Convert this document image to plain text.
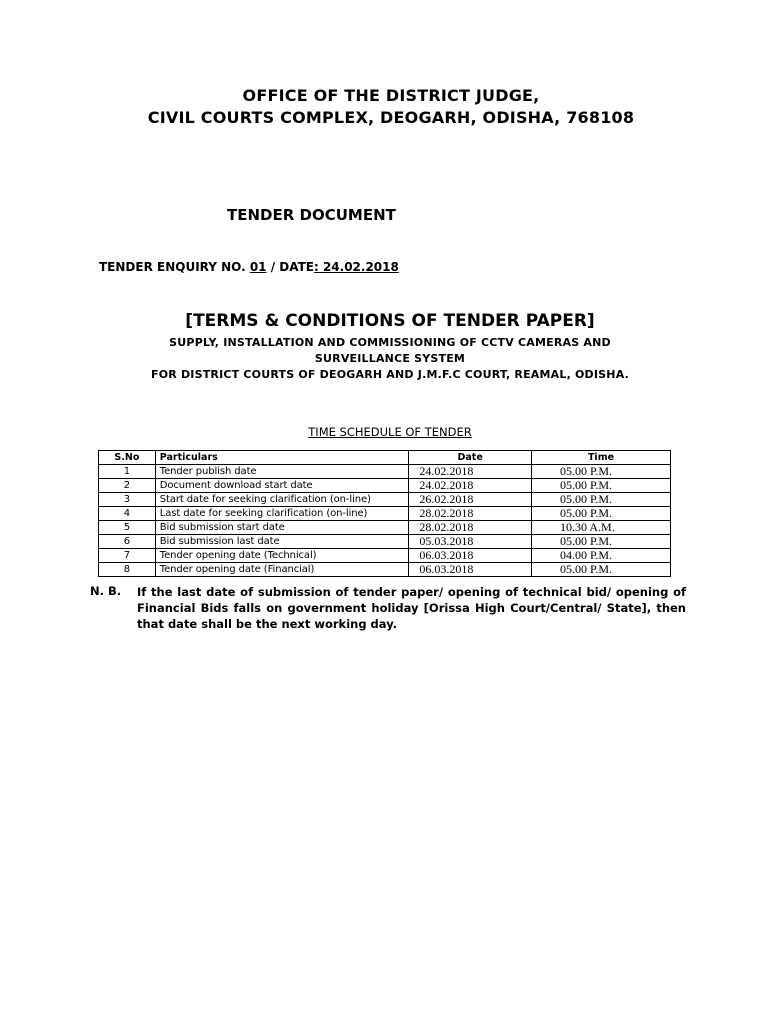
OFFICE OF THE DISTRICT JUDGE,
CIVIL COURTS COMPLEX, DEOGARH, ODISHA, 768108
TENDER DOCUMENT
TENDER ENQUIRY NO. 01 / DATE: 24.02.2018
[TERMS & CONDITIONS OF TENDER PAPER]
SUPPLY, INSTALLATION AND COMMISSIONING OF CCTV CAMERAS AND
SURVEILLANCE SYSTEM
FOR DISTRICT COURTS OF DEOGARH AND J.M.F.C COURT, REAMAL, ODISHA.
TIME SCHEDULE OF TENDER
S.No	Particulars	Date	Time
1	Tender publish date	24.02.2018	05.00 P.M.
2	Document download start date	24.02.2018	05.00 P.M.
3	Start date for seeking clarification (on-line)	26.02.2018	05.00 P.M.
4	Last date for seeking clarification (on-line)	28.02.2018	05.00 P.M.
5	Bid submission start date	28.02.2018	10.30 A.M.
6	Bid submission last date	05.03.2018	05.00 P.M.
7	Tender opening date (Technical)	06.03.2018	04.00 P.M.
8	Tender opening date (Financial)	06.03.2018	05.00 P.M.
N. B. If the last date of submission of tender paper/ opening of technical bid/ opening of Financial Bids falls on government holiday [Orissa High Court/Central/ State], then that date shall be the next working day.
